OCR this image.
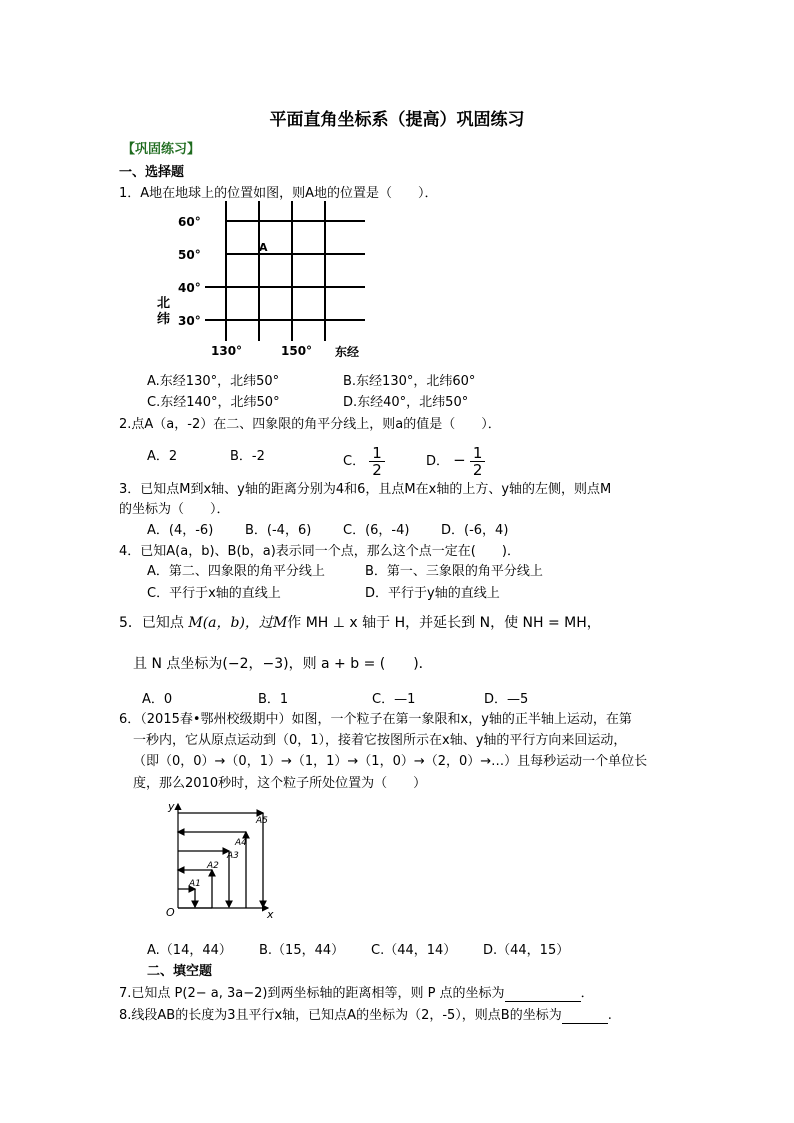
平面直角坐标系（提高）巩固练习
【巩固练习】
一、选择题
1．A地在地球上的位置如图，则A地的位置是（　　）．
60°
50°
40°
30°
A
130°	150° 东经
北纬
A.东经130°，北纬50°	B.东经130°，北纬60°
C.东经140°，北纬50°	D.东经40°，北纬50°
2.点A（a，-2）在二、四象限的角平分线上，则a的值是（　　）．
A．2	B．-2	C． $\frac{1}{2}$	D． − $\frac{1}{2}$
3．已知点M到x轴、y轴的距离分别为4和6，且点M在x轴的上方、y轴的左侧，则点M
的坐标为（　　）．
A．(4，-6) B．(-4，6) C．(6，-4) D．(-6，4)
4．已知A(a，b)、B(b，a)表示同一个点，那么这个点一定在(　　)．
A．第二、四象限的角平分线上	B．第一、三象限的角平分线上
C．平行于x轴的直线上	D．平行于y轴的直线上
5．已知点 M(a，b)，过M作 MH ⊥ x 轴于 H，并延长到 N，使 NH = MH，
且 N 点坐标为(−2，−3)，则 a + b = (　　)．
A．0	B．1	C．—1	D．—5
6．（2015春•鄂州校级期中）如图，一个粒子在第一象限和x，y轴的正半轴上运动，在第
一秒内，它从原点运动到（0，1），接着它按图所示在x轴、y轴的平行方向来回运动，
（即（0，0）→（0，1）→（1，1）→（1，0）→（2，0）→…）且每秒运动一个单位长
度，那么2010秒时，这个粒子所处位置为（　　）
y
x
O
A1
A2
A3
A4
A5
A.（14，44） B.（15，44） C.（44，14） D.（44，15）
二、填空题
7.已知点 P(2− a, 3a−2)到两坐标轴的距离相等，则 P 点的坐标为	．
8.线段AB的长度为3且平行x轴，已知点A的坐标为（2，-5），则点B的坐标为	.
